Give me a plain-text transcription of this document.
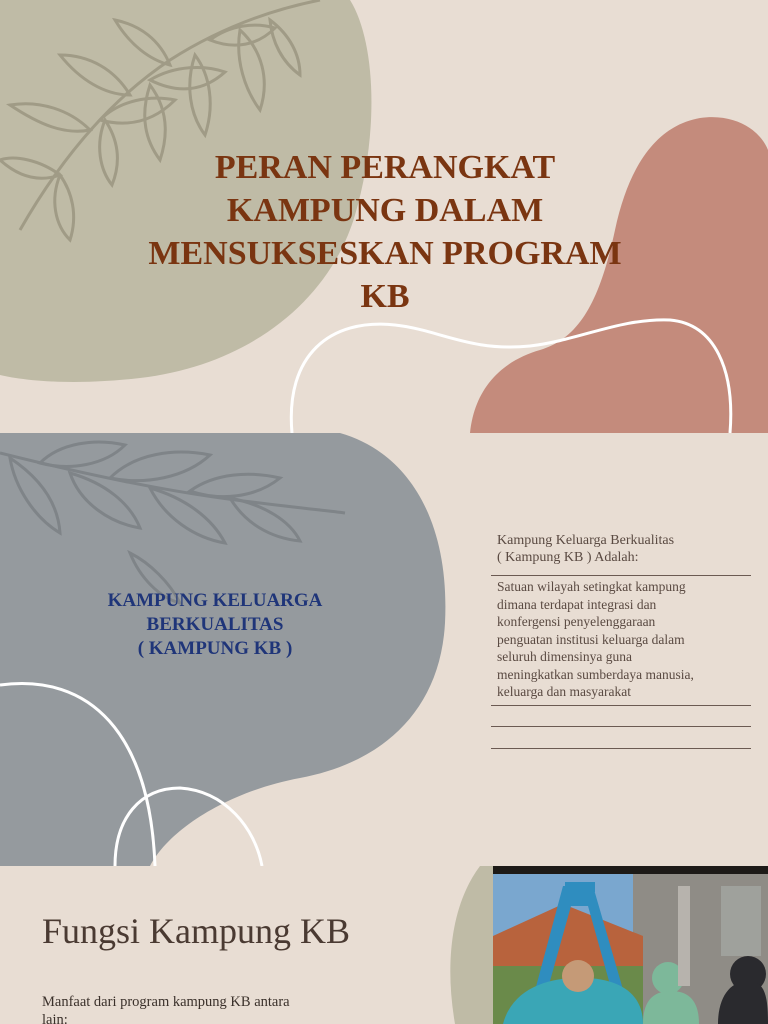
PERAN PERANGKAT
KAMPUNG DALAM
MENSUKSESKAN PROGRAM
KB
KAMPUNG KELUARGA
BERKUALITAS
( KAMPUNG KB )
Kampung Keluarga Berkualitas
( Kampung KB ) Adalah:
Satuan wilayah setingkat kampung
dimana terdapat integrasi dan
konfergensi penyelenggaraan
penguatan institusi keluarga dalam
seluruh dimensinya guna
meningkatkan sumberdaya manusia,
keluarga dan masyarakat
Fungsi Kampung KB
Manfaat dari program kampung KB antara
lain:
